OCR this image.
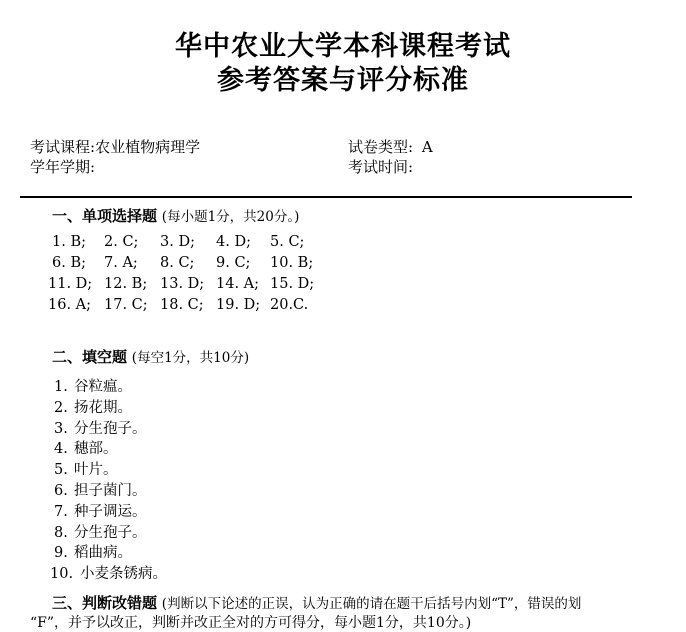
华中农业大学本科课程考试
参考答案与评分标准
考试课程:农业植物病理学	试卷类型: A
学年学期:	考试时间:
一、单项选择题 (每小题1分，共20分。)
1. B; 2. C; 3. D; 4. D; 5. C;
6. B; 7. A; 8. C; 9. C; 10. B;
11. D; 12. B; 13. D; 14. A; 15. D;
16. A; 17. C; 18. C; 19. D; 20.C.
二、填空题 (每空1分，共10分)
1. 谷粒瘟。
2. 扬花期。
3. 分生孢子。
4. 穗部。
5. 叶片。
6. 担子菌门。
7. 种子调运。
8. 分生孢子。
9. 稻曲病。
10. 小麦条锈病。
三、判断改错题 (判断以下论述的正误，认为正确的请在题干后括号内划“T”，错误的划
“F”，并予以改正，判断并改正全对的方可得分，每小题1分，共10分。)
